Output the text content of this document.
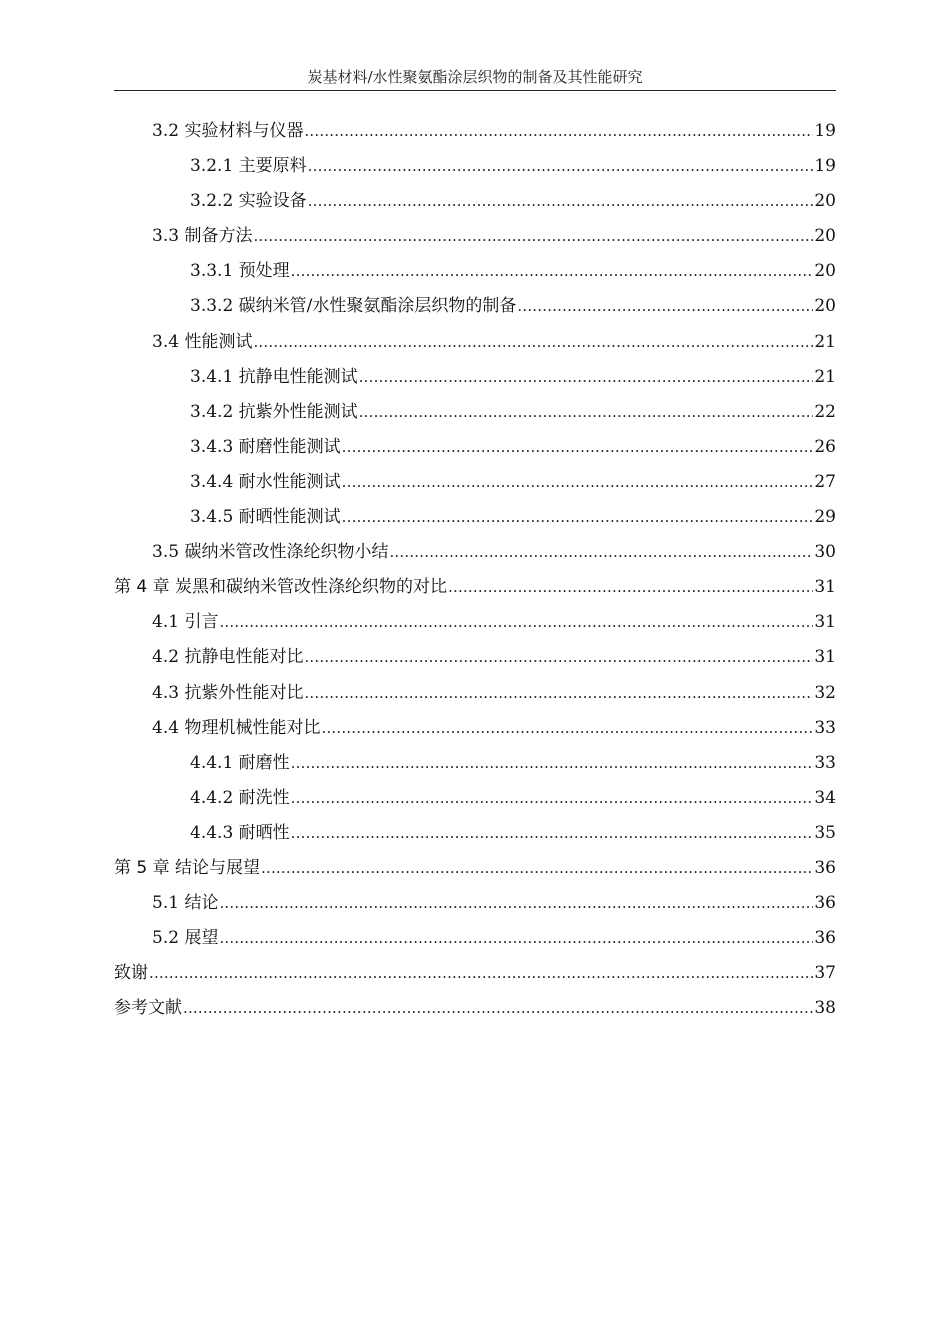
炭基材料/水性聚氨酯涂层织物的制备及其性能研究
3.2 实验材料与仪器 .....	19
3.2.1 主要原料 .....	19
3.2.2 实验设备 .....	20
3.3 制备方法 .....	20
3.3.1 预处理 .....	20
3.3.2 碳纳米管/水性聚氨酯涂层织物的制备 .....	20
3.4 性能测试 .....	21
3.4.1 抗静电性能测试 .....	21
3.4.2 抗紫外性能测试 .....	22
3.4.3 耐磨性能测试 .....	26
3.4.4 耐水性能测试 .....	27
3.4.5 耐晒性能测试 .....	29
3.5 碳纳米管改性涤纶织物小结 .....	30
第 4 章 炭黑和碳纳米管改性涤纶织物的对比 .....	31
4.1 引言 .....	31
4.2 抗静电性能对比 .....	31
4.3 抗紫外性能对比 .....	32
4.4 物理机械性能对比 .....	33
4.4.1 耐磨性 .....	33
4.4.2 耐洗性 .....	34
4.4.3 耐晒性 .....	35
第 5 章 结论与展望 .....	36
5.1 结论 .....	36
5.2 展望 .....	36
致谢 .....	37
参考文献 .....	38
